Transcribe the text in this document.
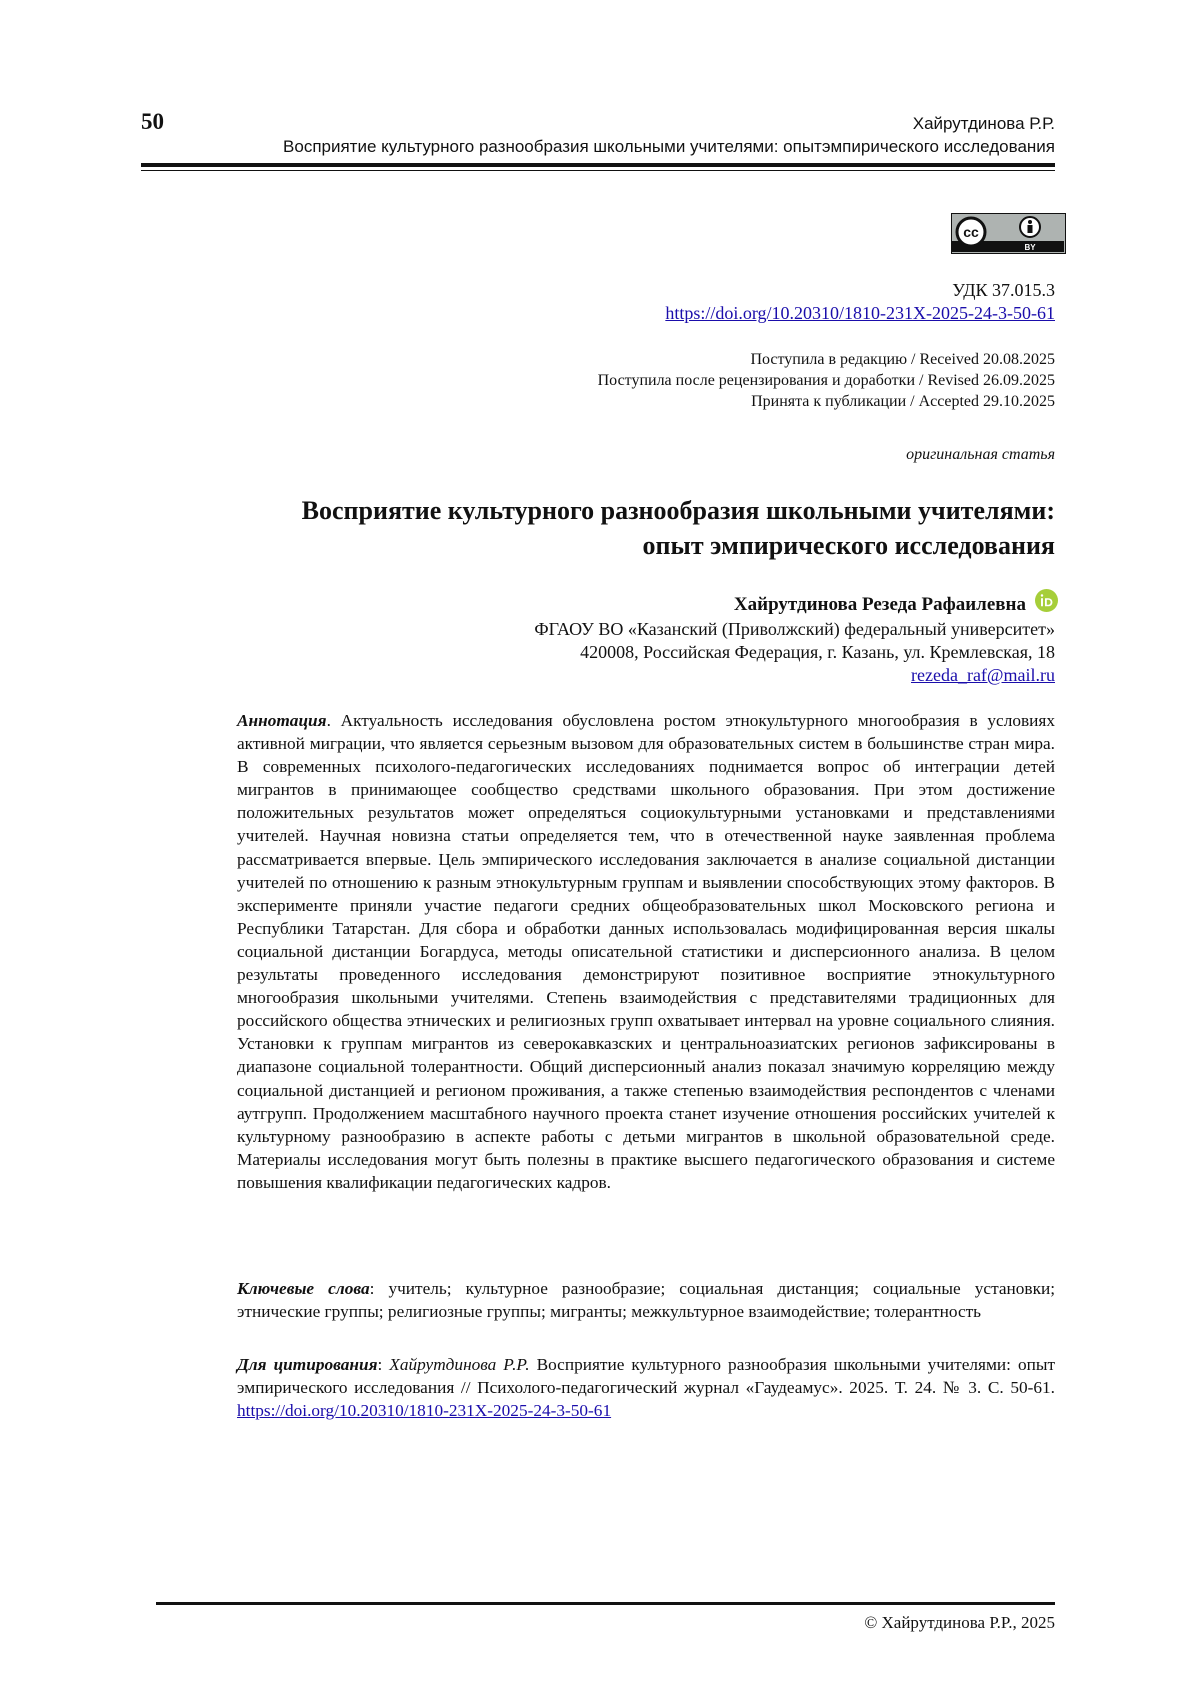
50	Хайрутдинова Р.Р.
Восприятие культурного разнообразия школьными учителями: опытэмпирического исследования
cc
BY
УДК 37.015.3
https://doi.org/10.20310/1810-231X-2025-24-3-50-61
Поступила в редакцию / Received 20.08.2025
Поступила после рецензирования и доработки / Revised 26.09.2025
Принята к публикации / Accepted 29.10.2025
оригинальная статья
Восприятие культурного разнообразия школьными учителями:
опыт эмпирического исследования
Хайрутдинова Резеда Рафаилевна
ФГАОУ ВО «Казанский (Приволжский) федеральный университет»
420008, Российская Федерация, г. Казань, ул. Кремлевская, 18
rezeda_raf@mail.ru
Аннотация. Актуальность исследования обусловлена ростом этнокультурного многообразия в условиях активной миграции, что является серьезным вызовом для образовательных систем в большинстве стран мира. В современных психолого-педагогических исследованиях поднимается вопрос об интеграции детей мигрантов в принимающее сообщество средствами школьного образования. При этом достижение положительных результатов может определяться социокультурными установками и представлениями учителей. Научная новизна статьи определяется тем, что в отечественной науке заявленная проблема рассматривается впервые. Цель эмпирического исследования заключается в анализе социальной дистанции учителей по отношению к разным этнокультурным группам и выявлении способствующих этому факторов. В эксперименте приняли участие педагоги средних общеобразовательных школ Московского региона и Республики Татарстан. Для сбора и обработки данных использовалась модифицированная версия шкалы социальной дистанции Богардуса, методы описательной статистики и дисперсионного анализа. В целом результаты проведенного исследования демонстрируют позитивное восприятие этнокультурного многообразия школьными учителями. Степень взаимодействия с представителями традиционных для российского общества этнических и религиозных групп охватывает интервал на уровне социального слияния. Установки к группам мигрантов из северокавказских и центральноазиатских регионов зафиксированы в диапазоне социальной толерантности. Общий дисперсионный анализ показал значимую корреляцию между социальной дистанцией и регионом проживания, а также степенью взаимодействия респондентов с членами аутгрупп. Продолжением масштабного научного проекта станет изучение отношения российских учителей к культурному разнообразию в аспекте работы с детьми мигрантов в школьной образовательной среде. Материалы исследования могут быть полезны в практике высшего педагогического образования и системе повышения квалификации педагогических кадров.
Ключевые слова: учитель; культурное разнообразие; социальная дистанция; социальные установки; этнические группы; религиозные группы; мигранты; межкультурное взаимодействие; толерантность
Для цитирования: Хайрутдинова Р.Р. Восприятие культурного разнообразия школьными учителями: опыт эмпирического исследования // Психолого-педагогический журнал «Гаудеамус». 2025. Т. 24. № 3. С. 50-61. https://doi.org/10.20310/1810-231X-2025-24-3-50-61
© Хайрутдинова Р.Р., 2025
